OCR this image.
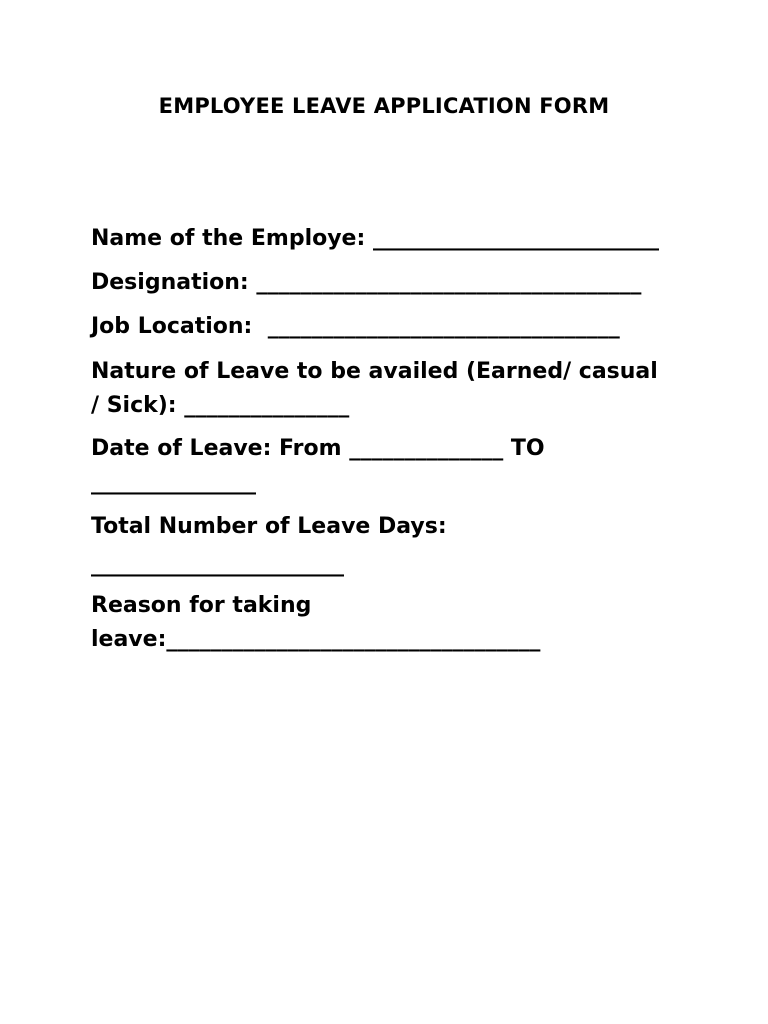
EMPLOYEE LEAVE APPLICATION FORM
Name of the Employe: __________________________
Designation: ___________________________________
Job Location:  ________________________________
Nature of Leave to be availed (Earned/ casual
/ Sick): _______________
Date of Leave: From ______________ TO
_______________
Total Number of Leave Days:
_______________________
Reason for taking
leave:__________________________________
